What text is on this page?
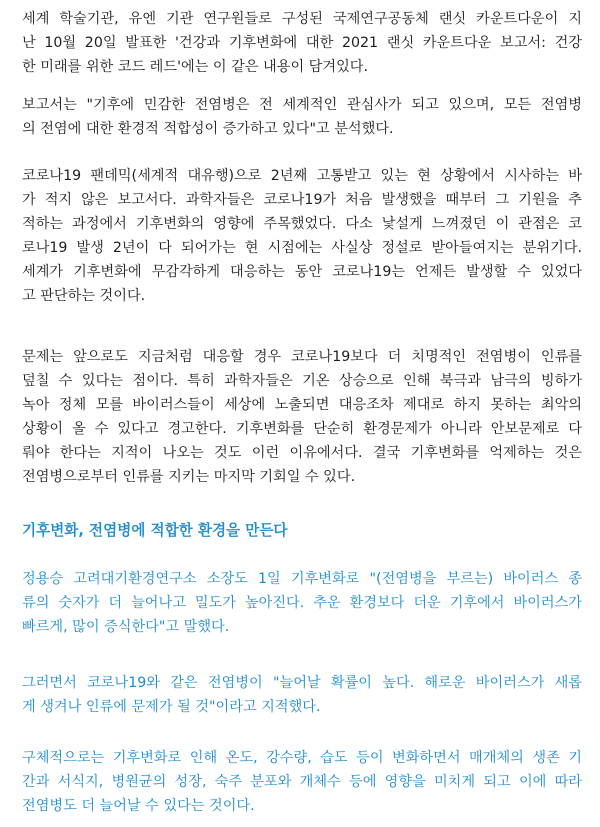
세계 학술기관, 유엔 기관 연구원들로 구성된 국제연구공동체 랜싯 카운트다운이 지
난 10월 20일 발표한 '건강과 기후변화에 대한 2021 랜싯 카운트다운 보고서: 건강
한 미래를 위한 코드 레드'에는 이 같은 내용이 담겨있다.
보고서는 "기후에 민감한 전염병은 전 세계적인 관심사가 되고 있으며, 모든 전염병
의 전염에 대한 환경적 적합성이 증가하고 있다"고 분석했다.
코로나19 팬데믹(세계적 대유행)으로 2년째 고통받고 있는 현 상황에서 시사하는 바
가 적지 않은 보고서다. 과학자들은 코로나19가 처음 발생했을 때부터 그 기원을 추
적하는 과정에서 기후변화의 영향에 주목했었다. 다소 낯설게 느껴졌던 이 관점은 코
로나19 발생 2년이 다 되어가는 현 시점에는 사실상 정설로 받아들여지는 분위기다.
세계가 기후변화에 무감각하게 대응하는 동안 코로나19는 언제든 발생할 수 있었다
고 판단하는 것이다.
문제는 앞으로도 지금처럼 대응할 경우 코로나19보다 더 치명적인 전염병이 인류를
덮칠 수 있다는 점이다. 특히 과학자들은 기온 상승으로 인해 북극과 남극의 빙하가
녹아 정체 모를 바이러스들이 세상에 노출되면 대응조차 제대로 하지 못하는 최악의
상황이 올 수 있다고 경고한다. 기후변화를 단순히 환경문제가 아니라 안보문제로 다
뤄야 한다는 지적이 나오는 것도 이런 이유에서다. 결국 기후변화를 억제하는 것은
전염병으로부터 인류를 지키는 마지막 기회일 수 있다.
기후변화, 전염병에 적합한 환경을 만든다
정용승 고려대기환경연구소 소장도 1일 기후변화로 "(전염병을 부르는) 바이러스 종
류의 숫자가 더 늘어나고 밀도가 높아진다. 추운 환경보다 더운 기후에서 바이러스가
빠르게, 많이 증식한다"고 말했다.
그러면서 코로나19와 같은 전염병이 "늘어날 확률이 높다. 해로운 바이러스가 새롭
게 생겨나 인류에 문제가 될 것"이라고 지적했다.
구체적으로는 기후변화로 인해 온도, 강수량, 습도 등이 변화하면서 매개체의 생존 기
간과 서식지, 병원균의 성장, 숙주 분포와 개체수 등에 영향을 미치게 되고 이에 따라
전염병도 더 늘어날 수 있다는 것이다.
